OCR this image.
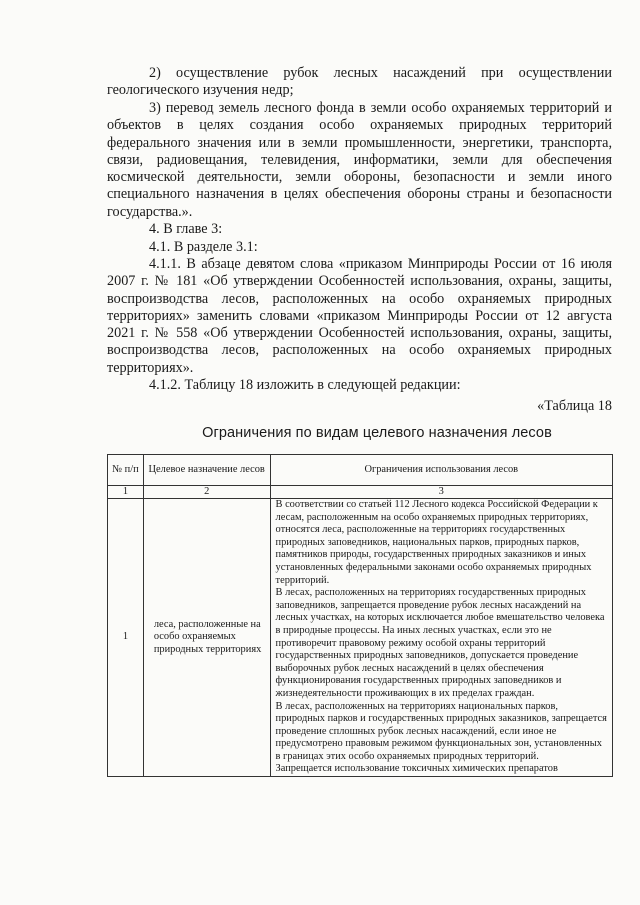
2) осуществление рубок лесных насаждений при осуществлении геологического изучения недр;

3) перевод земель лесного фонда в земли особо охраняемых территорий и объектов в целях создания особо охраняемых природных территорий федерального значения или в земли промышленности, энергетики, транспорта, связи, радиовещания, телевидения, информатики, земли для обеспечения космической деятельности, земли обороны, безопасности и земли иного специального назначения в целях обеспечения обороны страны и безопасности государства.».

4. В главе 3:

4.1. В разделе 3.1:

4.1.1. В абзаце девятом слова «приказом Минприроды России от 16 июля 2007 г. № 181 «Об утверждении Особенностей использования, охраны, защиты, воспроизводства лесов, расположенных на особо охраняемых природных территориях» заменить словами «приказом Минприроды России от 12 августа 2021 г. № 558 «Об утверждении Особенностей использования, охраны, защиты, воспроизводства лесов, расположенных на особо охраняемых природных территориях».

4.1.2. Таблицу 18 изложить в следующей редакции:

«Таблица 18

Ограничения по видам целевого назначения лесов
№ п/п	Целевое назначение лесов	Ограничения использования лесов
1	2	3
1	леса, расположенные на особо охраняемых природных территориях	В соответствии со статьей 112 Лесного кодекса Российской Федерации к лесам, расположенным на особо охраняемых природных территориях, относятся леса, расположенные на территориях государственных природных заповедников, национальных парков, природных парков, памятников природы, государственных природных заказников и иных установленных федеральными законами особо охраняемых природных территорий.

В лесах, расположенных на территориях государственных природных заповедников, запрещается проведение рубок лесных насаждений на лесных участках, на которых исключается любое вмешательство человека в природные процессы. На иных лесных участках, если это не противоречит правовому режиму особой охраны территорий государственных природных заповедников, допускается проведение выборочных рубок лесных насаждений в целях обеспечения функционирования государственных природных заповедников и жизнедеятельности проживающих в их пределах граждан.

В лесах, расположенных на территориях национальных парков, природных парков и государственных природных заказников, запрещается проведение сплошных рубок лесных насаждений, если иное не предусмотрено правовым режимом функциональных зон, установленных в границах этих особо охраняемых природных территорий.

Запрещается использование токсичных химических препаратов
